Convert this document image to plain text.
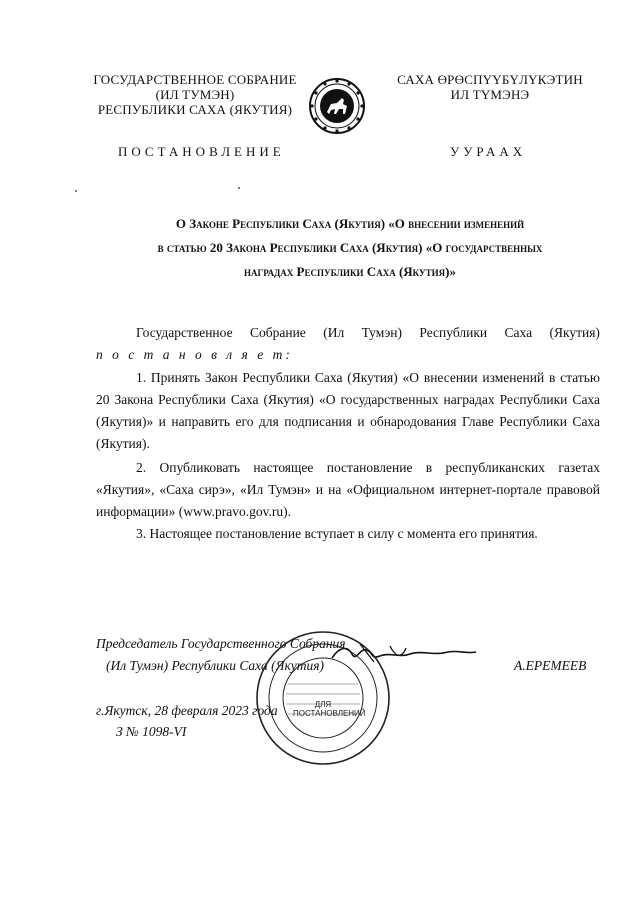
ГОСУДАРСТВЕННОЕ СОБРАНИЕ
(ИЛ ТУМЭН)
РЕСПУБЛИКИ САХА (ЯКУТИЯ)
САХА ӨРӨСПҮҮБҮЛҮКЭТИН
ИЛ ТҮМЭНЭ
ПОСТАНОВЛЕНИЕ	УУРААХ
О Законе Республики Саха (Якутия) «О внесении изменений
в статью 20 Закона Республики Саха (Якутия) «О государственных
наградах Республики Саха (Якутия)»
Государственное Собрание (Ил Тумэн) Республики Саха (Якутия)
п о с т а н о в л я е т:
1. Принять Закон Республики Саха (Якутия) «О внесении изменений в статью 20 Закона Республики Саха (Якутия) «О государственных наградах Республики Саха (Якутия)» и направить его для подписания и обнародования Главе Республики Саха (Якутия).
2. Опубликовать настоящее постановление в республиканских газетах «Якутия», «Саха сирэ», «Ил Тумэн» и на «Официальном интернет-портале правовой информации» (www.pravo.gov.ru).
3. Настоящее постановление вступает в силу с момента его принятия.
Председатель Государственного Собрания
(Ил Тумэн) Республики Саха (Якутия)	А.ЕРЕМЕЕВ
г.Якутск, 28 февраля 2023 года
З № 1098-VI
ДЛЯ
ПОСТАНОВЛЕНИЙ
